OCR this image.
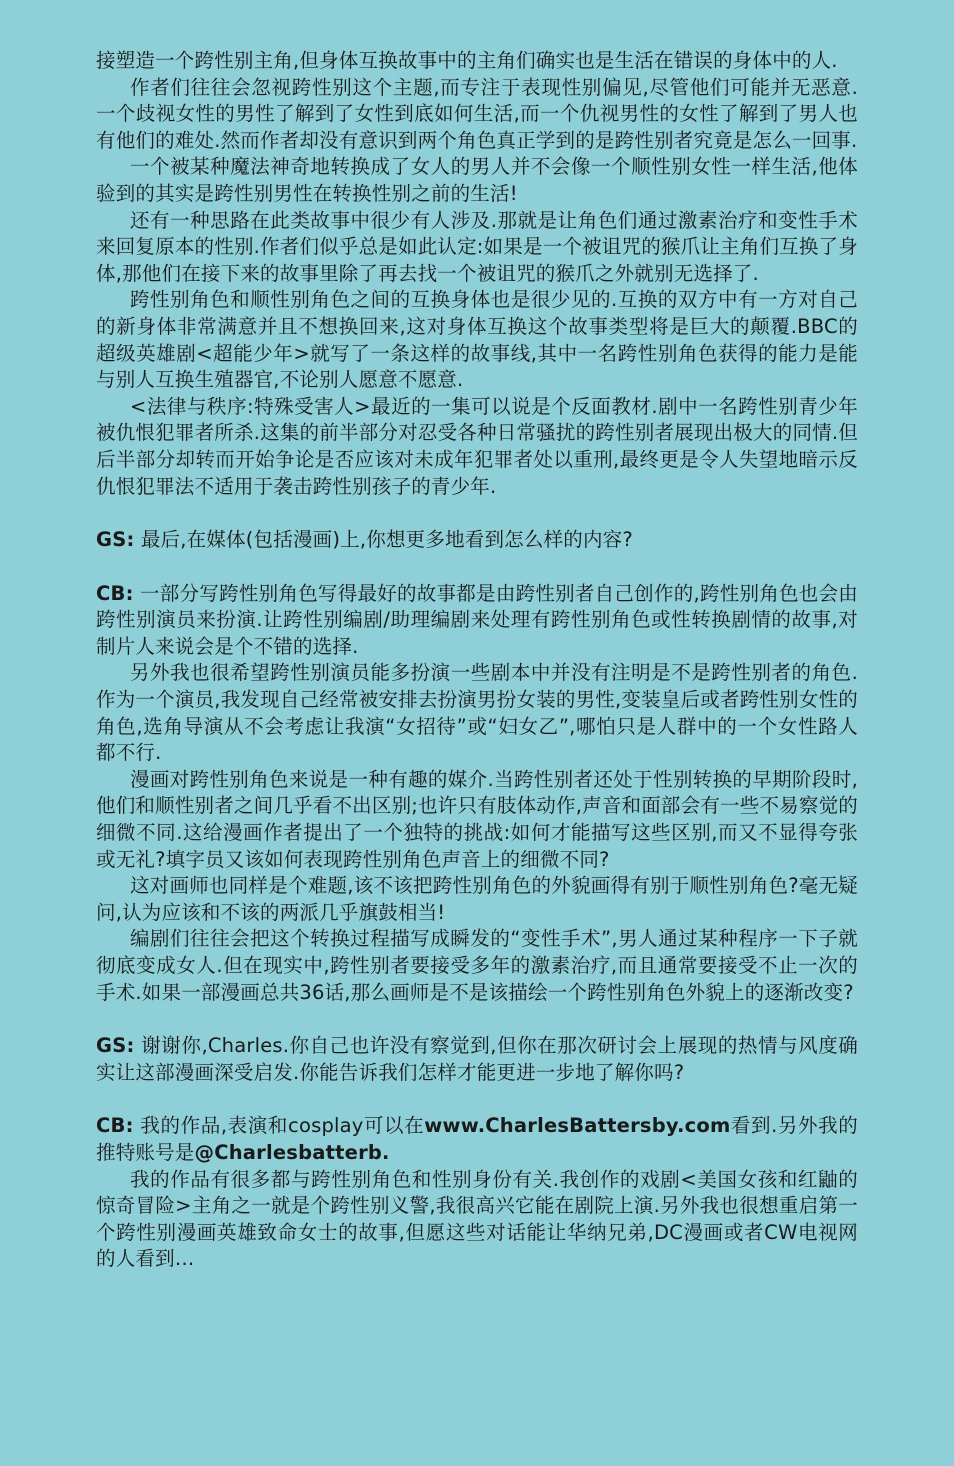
接塑造一个跨性别主角,但身体互换故事中的主角们确实也是生活在错误的身体中的人.

作者们往往会忽视跨性别这个主题,而专注于表现性别偏见,尽管他们可能并无恶意.一个歧视女性的男性了解到了女性到底如何生活,而一个仇视男性的女性了解到了男人也有他们的难处.然而作者却没有意识到两个角色真正学到的是跨性别者究竟是怎么一回事.

一个被某种魔法神奇地转换成了女人的男人并不会像一个顺性别女性一样生活,他体验到的其实是跨性别男性在转换性别之前的生活!

还有一种思路在此类故事中很少有人涉及.那就是让角色们通过激素治疗和变性手术来回复原本的性别.作者们似乎总是如此认定:如果是一个被诅咒的猴爪让主角们互换了身体,那他们在接下来的故事里除了再去找一个被诅咒的猴爪之外就别无选择了.

跨性别角色和顺性别角色之间的互换身体也是很少见的.互换的双方中有一方对自己的新身体非常满意并且不想换回来,这对身体互换这个故事类型将是巨大的颠覆.BBC的超级英雄剧<超能少年>就写了一条这样的故事线,其中一名跨性别角色获得的能力是能与别人互换生殖器官,不论别人愿意不愿意.

<法律与秩序:特殊受害人>最近的一集可以说是个反面教材.剧中一名跨性别青少年被仇恨犯罪者所杀.这集的前半部分对忍受各种日常骚扰的跨性别者展现出极大的同情.但后半部分却转而开始争论是否应该对未成年犯罪者处以重刑,最终更是令人失望地暗示反仇恨犯罪法不适用于袭击跨性别孩子的青少年.

GS: 最后,在媒体(包括漫画)上,你想更多地看到怎么样的内容?

CB: 一部分写跨性别角色写得最好的故事都是由跨性别者自己创作的,跨性别角色也会由跨性别演员来扮演.让跨性别编剧/助理编剧来处理有跨性别角色或性转换剧情的故事,对制片人来说会是个不错的选择.

另外我也很希望跨性别演员能多扮演一些剧本中并没有注明是不是跨性别者的角色.作为一个演员,我发现自己经常被安排去扮演男扮女装的男性,变装皇后或者跨性别女性的角色,选角导演从不会考虑让我演“女招待”或“妇女乙”,哪怕只是人群中的一个女性路人都不行.

漫画对跨性别角色来说是一种有趣的媒介.当跨性别者还处于性别转换的早期阶段时,他们和顺性别者之间几乎看不出区别;也许只有肢体动作,声音和面部会有一些不易察觉的细微不同.这给漫画作者提出了一个独特的挑战:如何才能描写这些区别,而又不显得夸张或无礼?填字员又该如何表现跨性别角色声音上的细微不同?

这对画师也同样是个难题,该不该把跨性别角色的外貌画得有别于顺性别角色?毫无疑问,认为应该和不该的两派几乎旗鼓相当!

编剧们往往会把这个转换过程描写成瞬发的“变性手术”,男人通过某种程序一下子就彻底变成女人.但在现实中,跨性别者要接受多年的激素治疗,而且通常要接受不止一次的手术.如果一部漫画总共36话,那么画师是不是该描绘一个跨性别角色外貌上的逐渐改变?

GS: 谢谢你,Charles.你自己也许没有察觉到,但你在那次研讨会上展现的热情与风度确实让这部漫画深受启发.你能告诉我们怎样才能更进一步地了解你吗?

CB: 我的作品,表演和cosplay可以在www.CharlesBattersby.com看到.另外我的推特账号是@Charlesbatterb.

我的作品有很多都与跨性别角色和性别身份有关.我创作的戏剧<美国女孩和红鼬的惊奇冒险>主角之一就是个跨性别义警,我很高兴它能在剧院上演.另外我也很想重启第一个跨性别漫画英雄致命女士的故事,但愿这些对话能让华纳兄弟,DC漫画或者CW电视网的人看到…
